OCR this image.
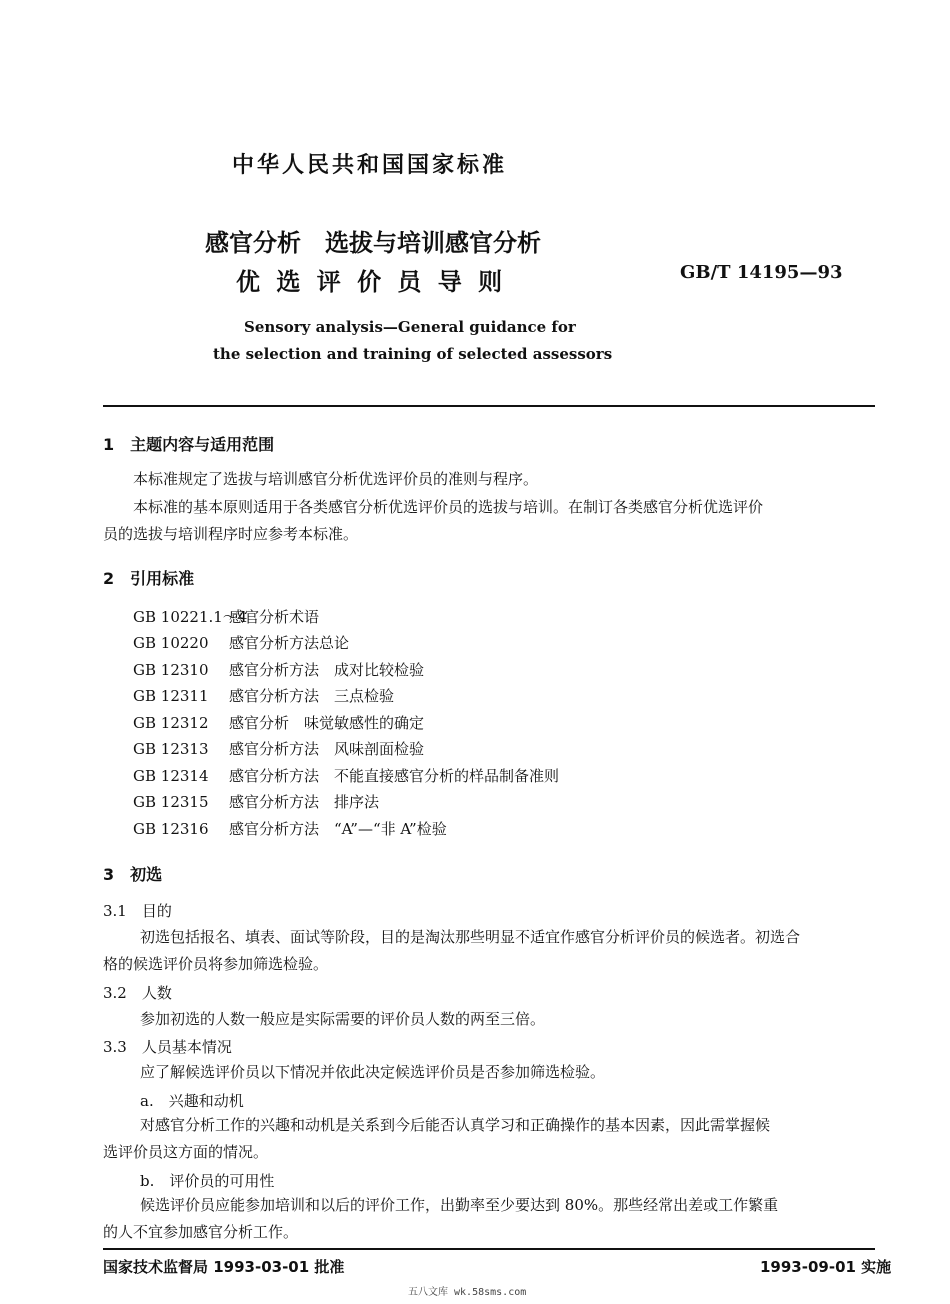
中华人民共和国国家标准
感官分析　选拔与培训感官分析
优 选 评 价 员 导 则	GB/T 14195—93
Sensory analysis—General guidance for
the selection and training of selected assessors
1　主题内容与适用范围
本标准规定了选拔与培训感官分析优选评价员的准则与程序。
本标准的基本原则适用于各类感官分析优选评价员的选拔与培训。在制订各类感官分析优选评价
员的选拔与培训程序时应参考本标准。
2　引用标准
GB 10221.1～4感官分析术语
GB 10220 感官分析方法总论
GB 12310 感官分析方法　成对比较检验
GB 12311 感官分析方法　三点检验
GB 12312 感官分析　味觉敏感性的确定
GB 12313 感官分析方法　风味剖面检验
GB 12314 感官分析方法　不能直接感官分析的样品制备准则
GB 12315 感官分析方法　排序法
GB 12316 感官分析方法　“A”—“非 A”检验
3　初选
3.1　目的
初选包括报名、填表、面试等阶段，目的是淘汰那些明显不适宜作感官分析评价员的候选者。初选合
格的候选评价员将参加筛选检验。
3.2　人数
参加初选的人数一般应是实际需要的评价员人数的两至三倍。
3.3　人员基本情况
应了解候选评价员以下情况并依此决定候选评价员是否参加筛选检验。
a.　兴趣和动机
对感官分析工作的兴趣和动机是关系到今后能否认真学习和正确操作的基本因素，因此需掌握候
选评价员这方面的情况。
b.　评价员的可用性
候选评价员应能参加培训和以后的评价工作，出勤率至少要达到 80%。那些经常出差或工作繁重
的人不宜参加感官分析工作。
国家技术监督局 1993-03-01 批准	1993-09-01 实施
五八文库 wk.58sms.com
